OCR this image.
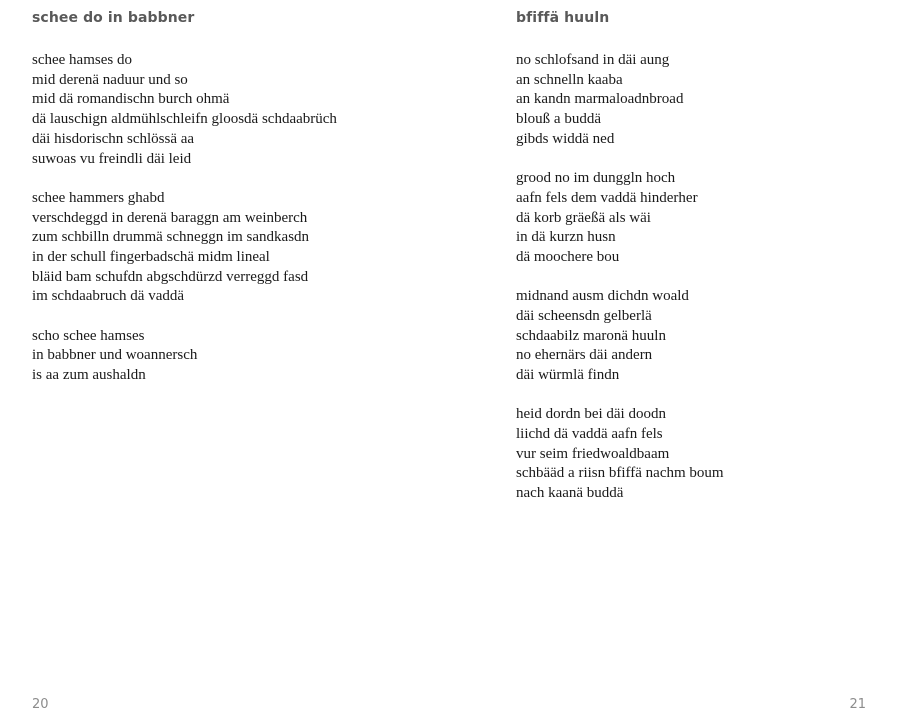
schee do in babbner
schee hamses do
mid derenä naduur und so
mid dä romandischn burch ohmä
dä lauschign aldmühlschleifn gloosdä schdaabrüch
däi hisdorischn schlössä aa
suwoas vu freindli däi leid
schee hammers ghabd
verschdeggd in derenä baraggn am weinberch
zum schbilln drummä schneggn im sandkasdn
in der schull fingerbadschä midm lineal
bläid bam schufdn abgschdürzd verreggd fasd
im schdaabruch dä vaddä
scho schee hamses
in babbner und woannersch
is aa zum aushaldn
20
bfiffä huuln
no schlofsand in däi aung
an schnelln kaaba
an kandn marmaloadnbroad
blouß a buddä
gibds widdä ned
grood no im dunggln hoch
aafn fels dem vaddä hinderher
dä korb gräeßä als wäi
in dä kurzn husn
dä moochere bou
midnand ausm dichdn woald
däi scheensdn gelberlä
schdaabilz maronä huuln
no ehernärs däi andern
däi würmlä findn
heid dordn bei däi doodn
liichd dä vaddä aafn fels
vur seim friedwoaldbaam
schbääd a riisn bfiffä nachm boum
nach kaanä buddä
21
